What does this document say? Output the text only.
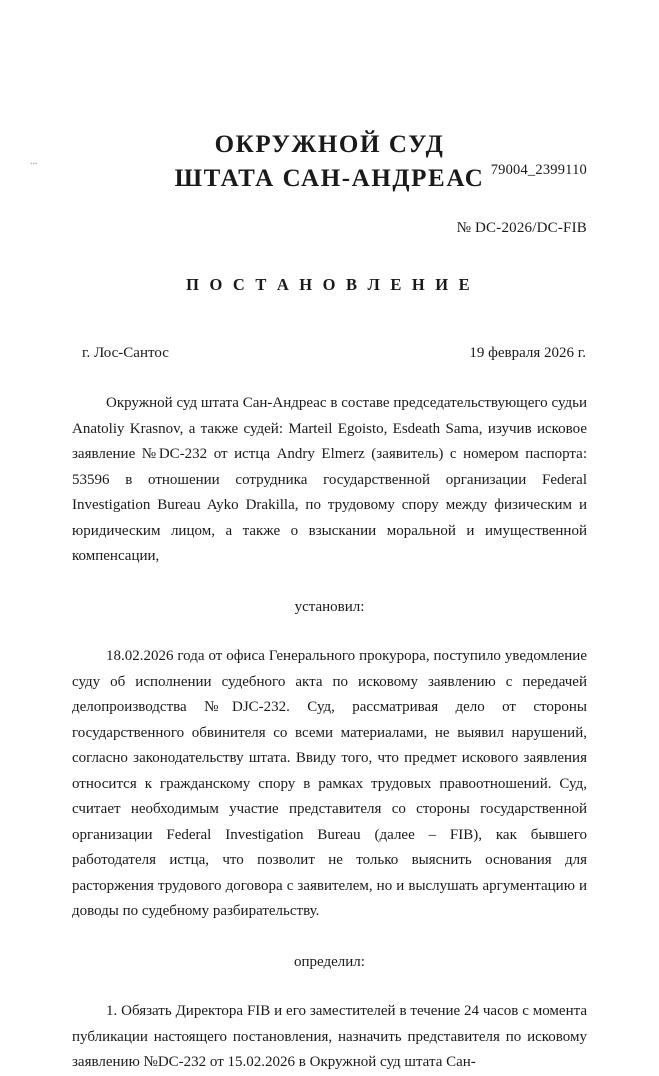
•••	79004_2399110
ОКРУЖНОЙ СУД
ШТАТА САН-АНДРЕАС
№ DC-2026/DC-FIB
П О С Т А Н О В Л Е Н И Е
г. Лос-Сантос	19 февраля 2026 г.

Окружной суд штата Сан-Андреас в составе председательствующего судьи Anatoliy Krasnov, а также судей: Marteil Egoisto, Esdeath Sama, изучив исковое заявление №DC-232 от истца Andry Elmerz (заявитель) с номером паспорта: 53596 в отношении сотрудника государственной организации Federal Investigation Bureau Ayko Drakilla, по трудовому спору между физическим и юридическим лицом, а также о взыскании моральной и имущественной компенсации,

установил:

18.02.2026 года от офиса Генерального прокурора, поступило уведомление суду об исполнении судебного акта по исковому заявлению с передачей делопроизводства №DJC-232. Суд, рассматривая дело от стороны государственного обвинителя со всеми материалами, не выявил нарушений, согласно законодательству штата. Ввиду того, что предмет искового заявления относится к гражданскому спору в рамках трудовых правоотношений. Суд, считает необходимым участие представителя со стороны государственной организации Federal Investigation Bureau (далее – FIB), как бывшего работодателя истца, что позволит не только выяснить основания для расторжения трудового договора с заявителем, но и выслушать аргументацию и доводы по судебному разбирательству.

определил:

1. Обязать Директора FIB и его заместителей в течение 24 часов с момента публикации настоящего постановления, назначить представителя по исковому заявлению №DC-232 от 15.02.2026 в Окружной суд штата Сан-
